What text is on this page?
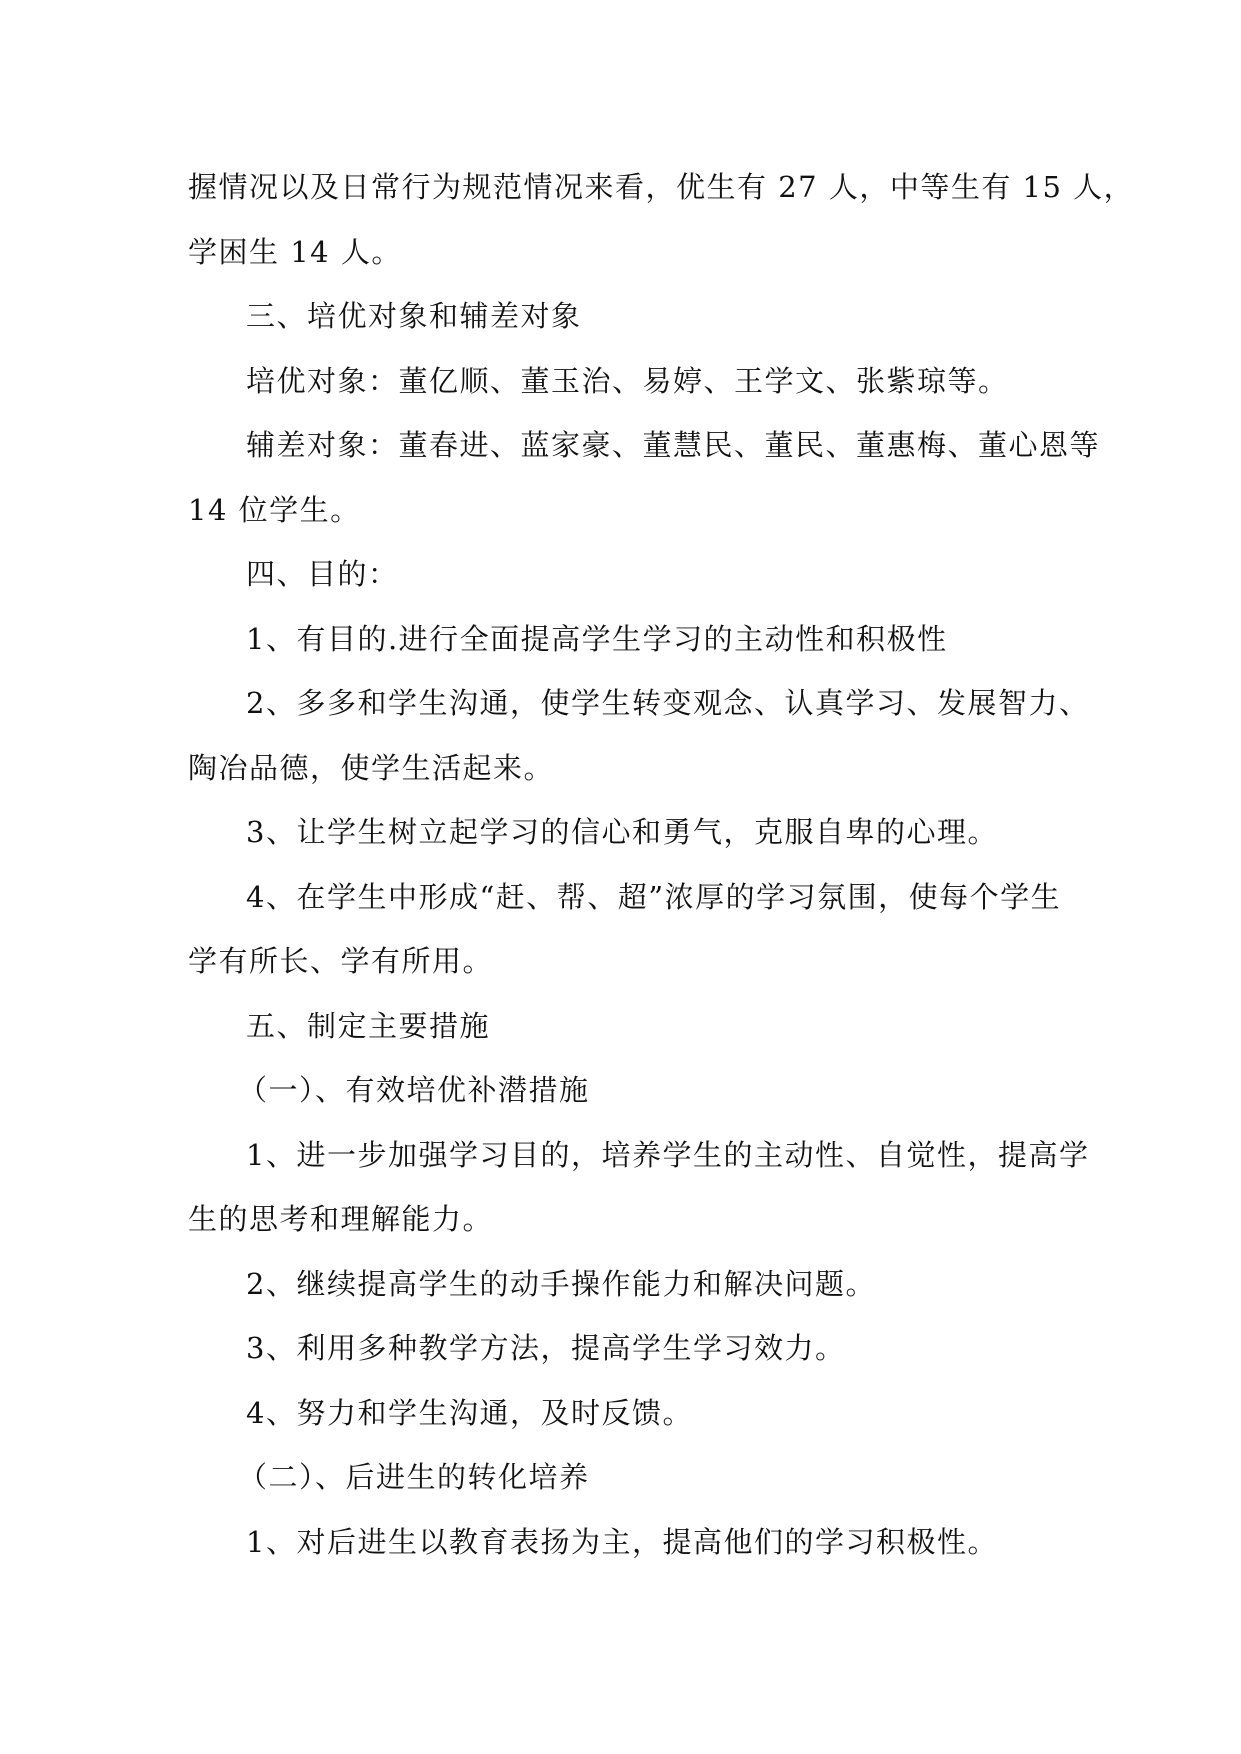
握情况以及日常行为规范情况来看，优生有 27 人，中等生有 15 人，
学困生 14 人。
三、培优对象和辅差对象
培优对象：董亿顺、董玉治、易婷、王学文、张紫琼等。
辅差对象：董春进、蓝家豪、董慧民、董民、董惠梅、董心恩等
14 位学生。
四、目的：
1、有目的.进行全面提高学生学习的主动性和积极性
2、多多和学生沟通，使学生转变观念、认真学习、发展智力、
陶冶品德，使学生活起来。
3、让学生树立起学习的信心和勇气，克服自卑的心理。
4、在学生中形成“赶、帮、超”浓厚的学习氛围，使每个学生
学有所长、学有所用。
五、制定主要措施
（一）、有效培优补潜措施
1、进一步加强学习目的，培养学生的主动性、自觉性，提高学
生的思考和理解能力。
2、继续提高学生的动手操作能力和解决问题。
3、利用多种教学方法，提高学生学习效力。
4、努力和学生沟通，及时反馈。
（二）、后进生的转化培养
1、对后进生以教育表扬为主，提高他们的学习积极性。
